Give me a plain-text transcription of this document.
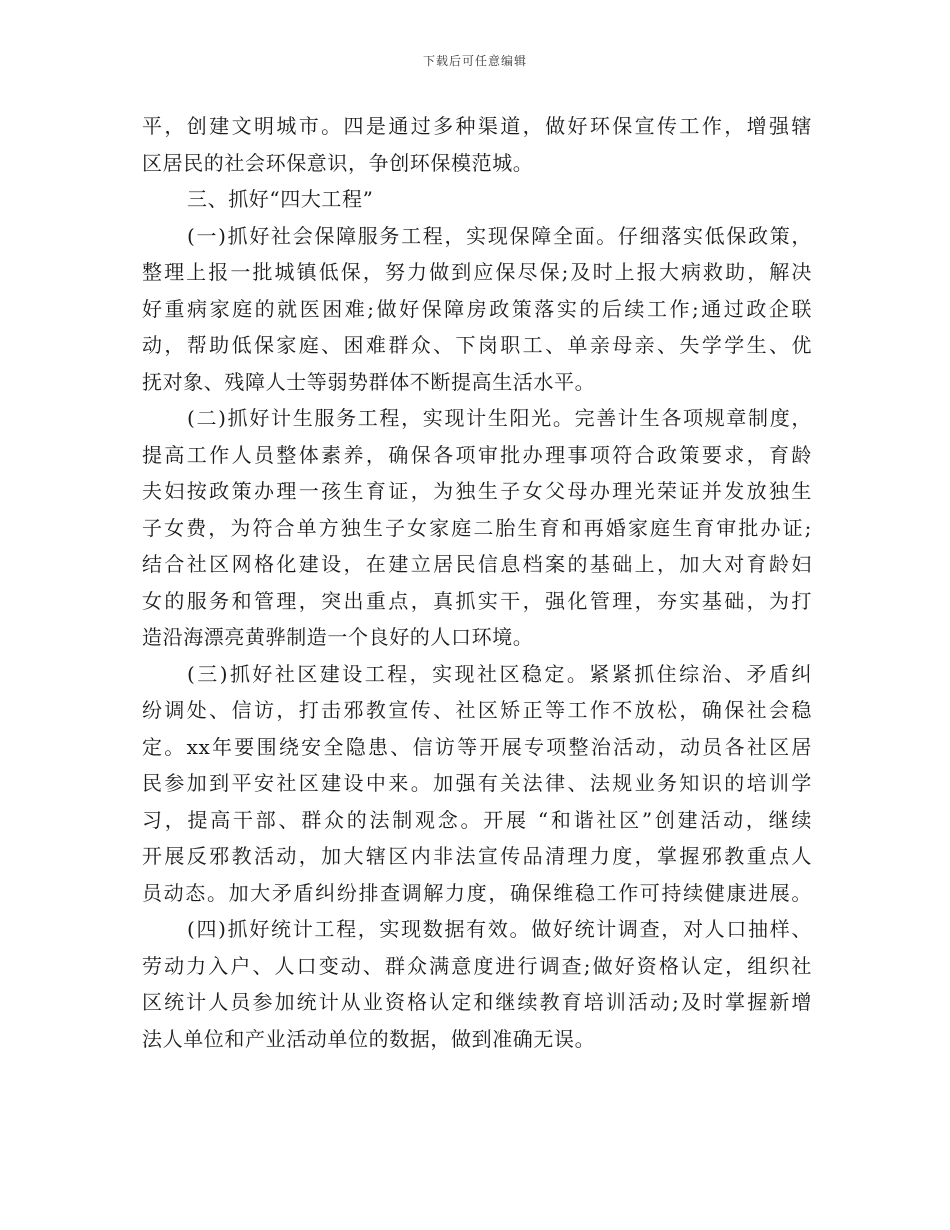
下载后可任意编辑
平，创建文明城市。四是通过多种渠道，做好环保宣传工作，增强辖
区居民的社会环保意识，争创环保模范城。
三、抓好“四大工程”
(一)抓好社会保障服务工程，实现保障全面。仔细落实低保政策，
整理上报一批城镇低保，努力做到应保尽保;及时上报大病救助，解决
好重病家庭的就医困难;做好保障房政策落实的后续工作;通过政企联
动，帮助低保家庭、困难群众、下岗职工、单亲母亲、失学学生、优
抚对象、残障人士等弱势群体不断提高生活水平。
(二)抓好计生服务工程，实现计生阳光。完善计生各项规章制度，
提高工作人员整体素养，确保各项审批办理事项符合政策要求，育龄
夫妇按政策办理一孩生育证，为独生子女父母办理光荣证并发放独生
子女费，为符合单方独生子女家庭二胎生育和再婚家庭生育审批办证;
结合社区网格化建设，在建立居民信息档案的基础上，加大对育龄妇
女的服务和管理，突出重点，真抓实干，强化管理，夯实基础，为打
造沿海漂亮黄骅制造一个良好的人口环境。
(三)抓好社区建设工程，实现社区稳定。紧紧抓住综治、矛盾纠
纷调处、信访，打击邪教宣传、社区矫正等工作不放松，确保社会稳
定。xx年要围绕安全隐患、信访等开展专项整治活动，动员各社区居
民参加到平安社区建设中来。加强有关法律、法规业务知识的培训学
习，提高干部、群众的法制观念。开展 “和谐社区”创建活动，继续
开展反邪教活动，加大辖区内非法宣传品清理力度，掌握邪教重点人
员动态。加大矛盾纠纷排查调解力度，确保维稳工作可持续健康进展。
(四)抓好统计工程，实现数据有效。做好统计调查，对人口抽样、
劳动力入户、人口变动、群众满意度进行调查;做好资格认定，组织社
区统计人员参加统计从业资格认定和继续教育培训活动;及时掌握新增
法人单位和产业活动单位的数据，做到准确无误。
